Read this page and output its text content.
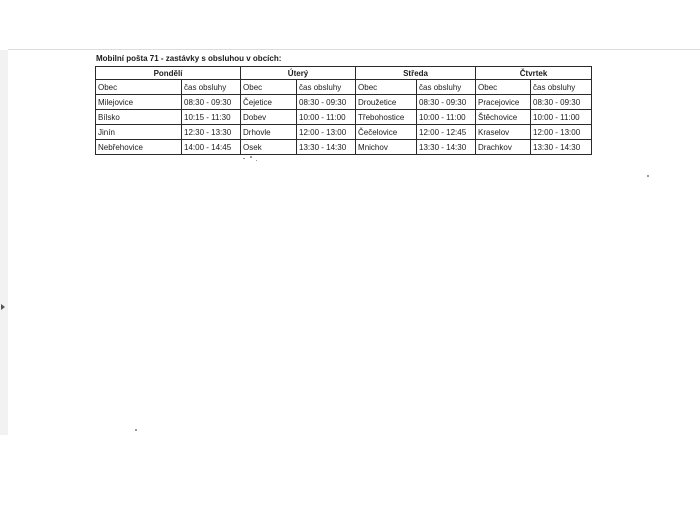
Mobilní pošta 71 - zastávky s obsluhou v obcích:
Pondělí		Úterý		Středa		Čtvrtek	
Obec	čas obsluhy	Obec	čas obsluhy	Obec	čas obsluhy	Obec	čas obsluhy
Milejovice	08:30 - 09:30	Čejetice	08:30 - 09:30	Droužetice	08:30 - 09:30	Pracejovice	08:30 - 09:30
Bílsko	10:15 - 11:30	Dobev	10:00 - 11:00	Třebohostice	10:00 - 11:00	Štěchovice	10:00 - 11:00
Jinín	12:30 - 13:30	Drhovle	12:00 - 13:00	Čečelovice	12:00 - 12:45	Kraselov	12:00 - 13:00
Nebřehovice	14:00 - 14:45	Osek	13:30 - 14:30	Mnichov	13:30 - 14:30	Drachkov	13:30 - 14:30
